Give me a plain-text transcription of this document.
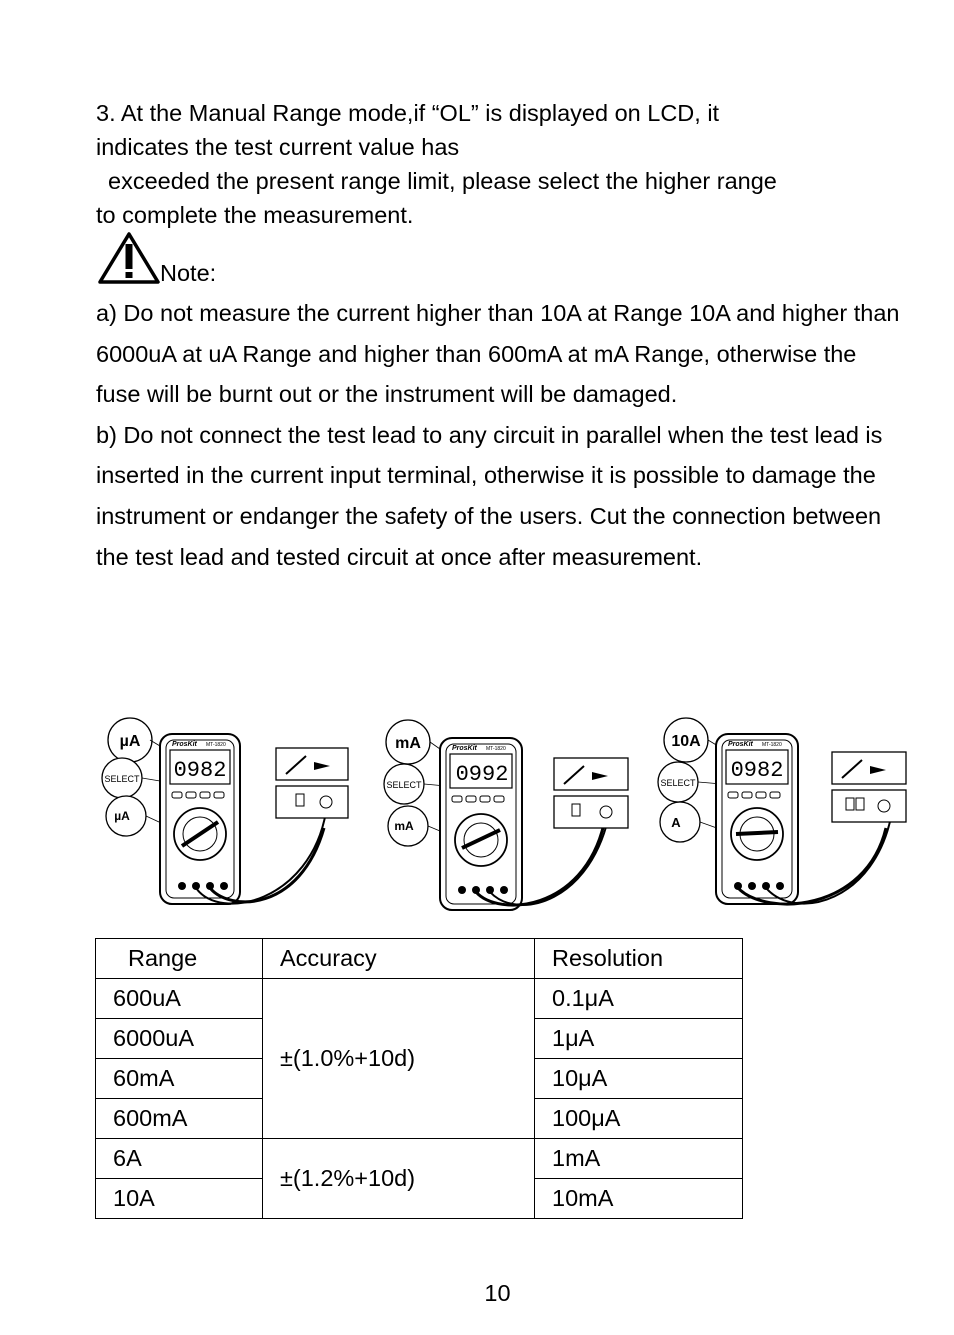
3. At the Manual Range mode,if “OL” is displayed on LCD, it
indicates the test current value has
exceeded the present range limit, please select the higher range
to complete the measurement.
Note:
a) Do not measure the current higher than 10A at Range 10A and higher than 6000uA at uA Range and higher than 600mA at mA Range, otherwise the fuse will be burnt out or the instrument will be damaged.
b) Do not connect the test lead to any circuit in parallel when the test lead is inserted in the current input terminal, otherwise it is possible to damage the instrument or endanger the safety of the users. Cut the connection between the test lead and tested circuit at once after measurement.
µA
SELECT
µA
ProsKit MT-1820
0982
mA
SELECT
mA
ProsKit MT-1820
0992
10A
SELECT
A
ProsKit MT-1820
0982
Range	Accuracy	Resolution
600uA	±(1.0%+10d)	0.1μA
6000uA		1μA
60mA		10μA
600mA		100μA
6A	±(1.2%+10d)	1mA
10A		10mA
10
